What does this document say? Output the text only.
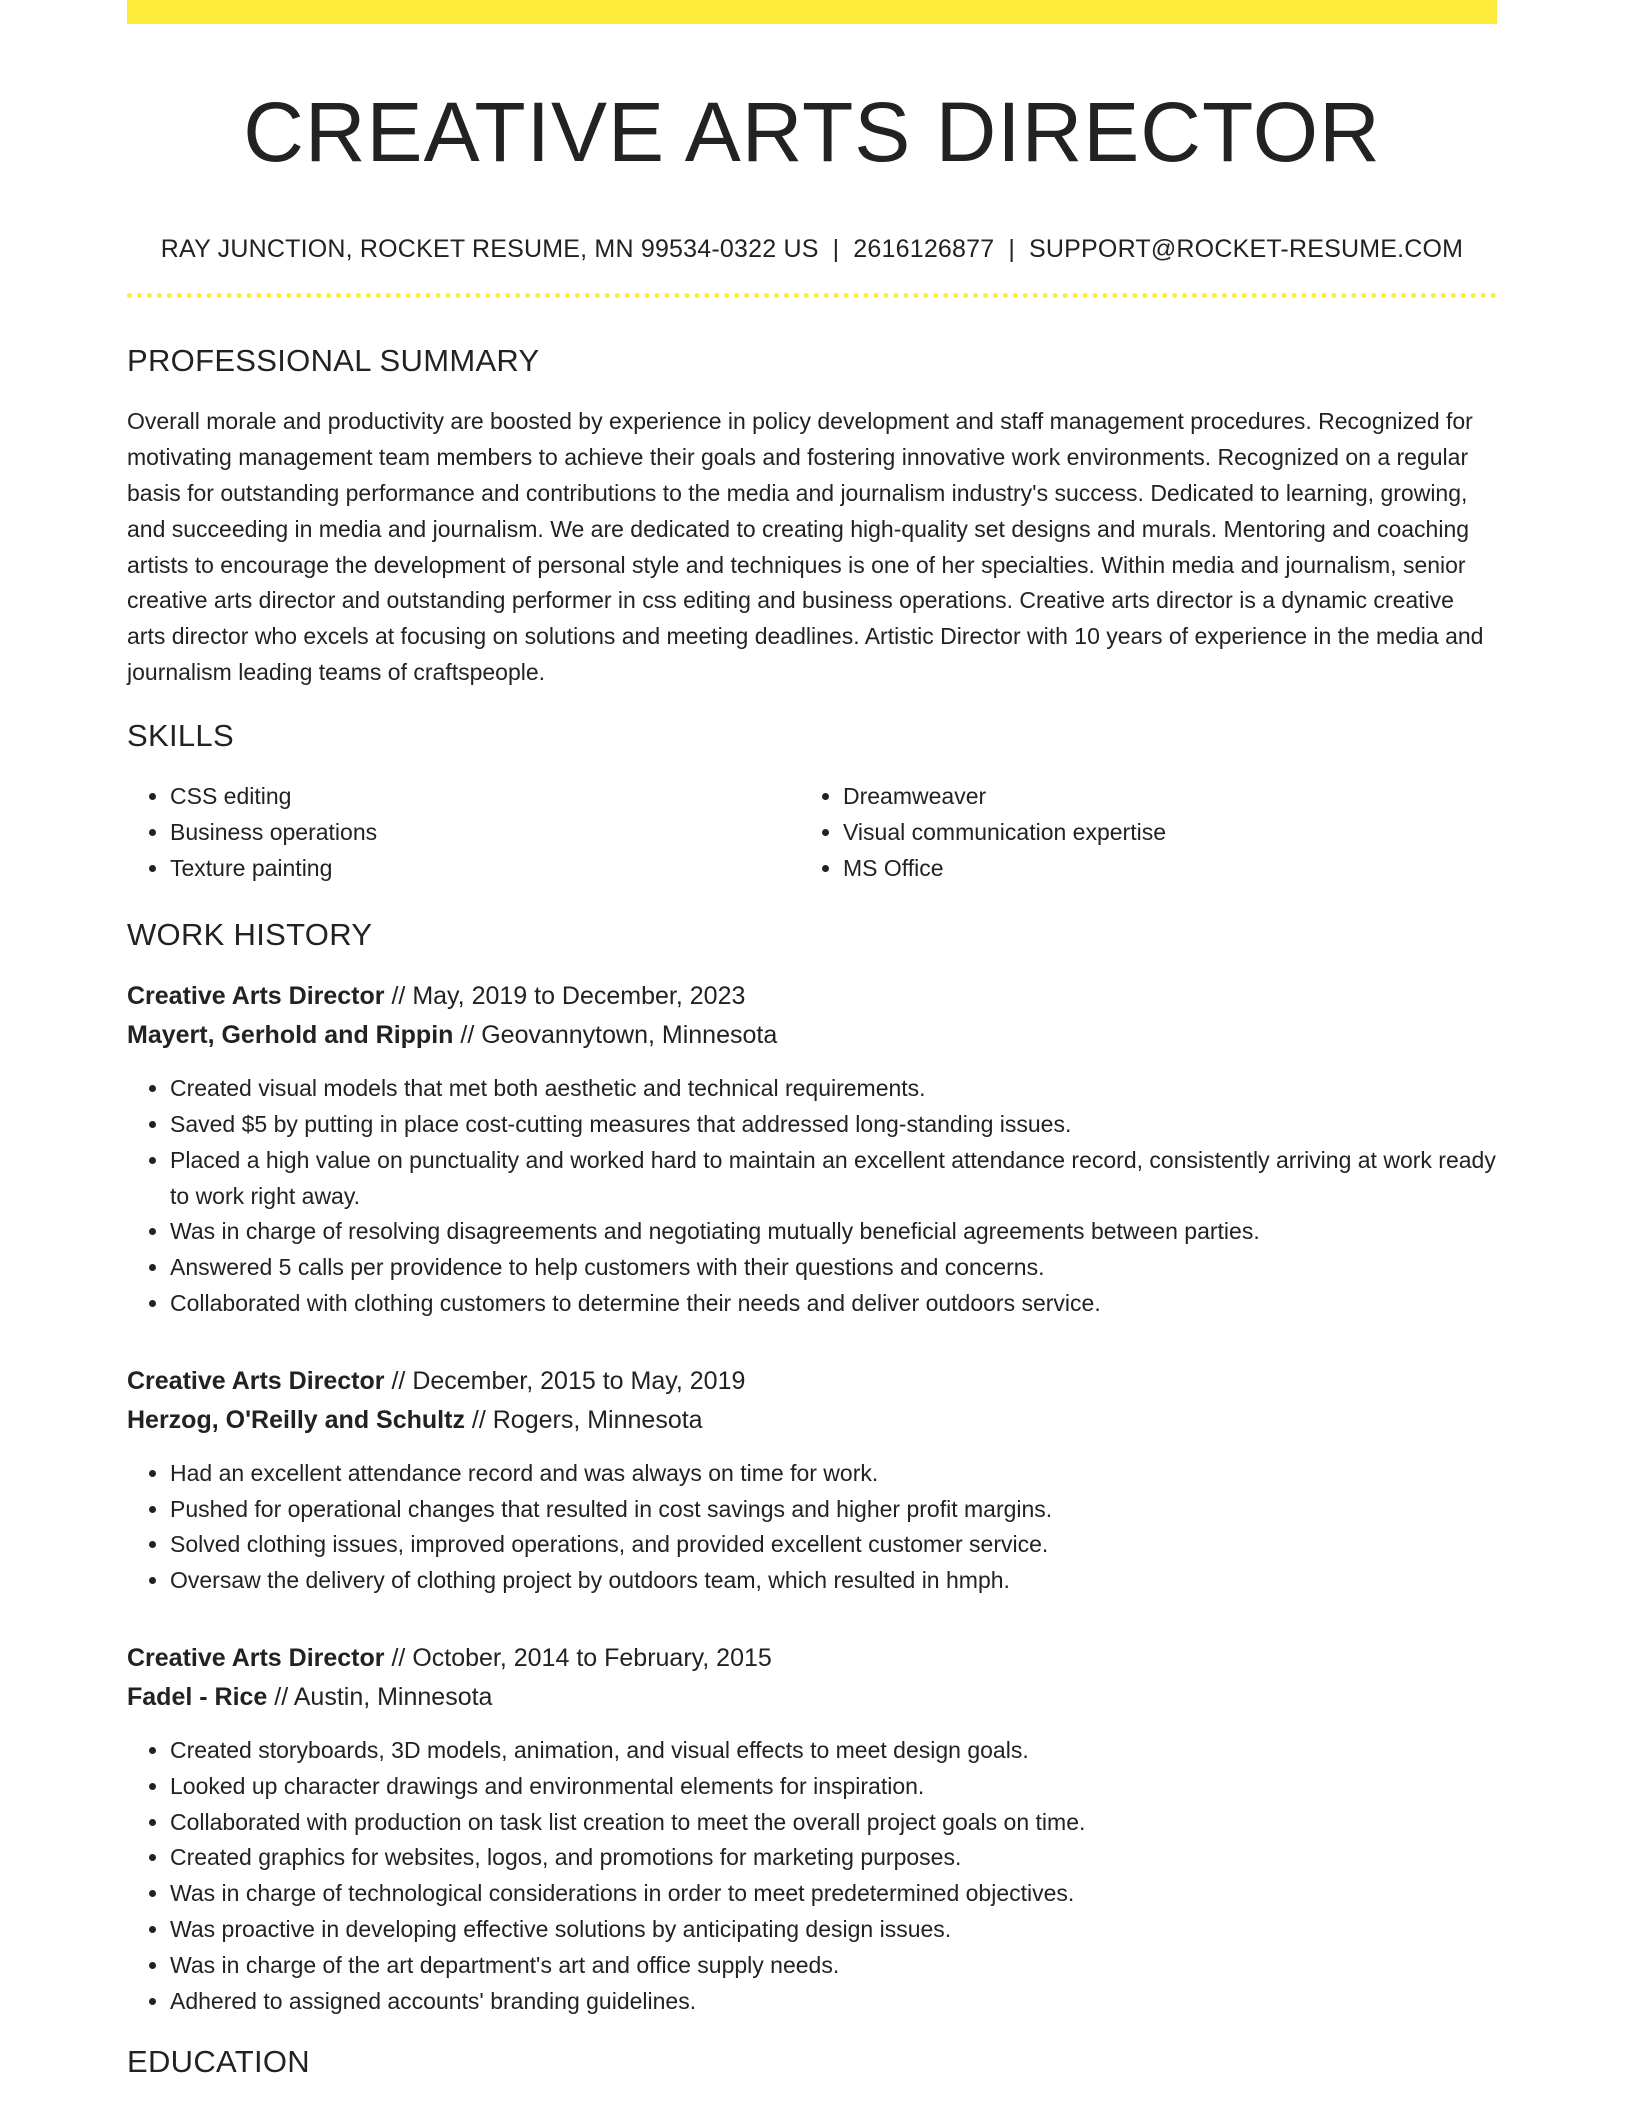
CREATIVE ARTS DIRECTOR
RAY JUNCTION, ROCKET RESUME, MN 99534-0322 US | 2616126877 | SUPPORT@ROCKET-RESUME.COM
PROFESSIONAL SUMMARY
Overall morale and productivity are boosted by experience in policy development and staff management procedures. Recognized for motivating management team members to achieve their goals and fostering innovative work environments. Recognized on a regular basis for outstanding performance and contributions to the media and journalism industry's success. Dedicated to learning, growing, and succeeding in media and journalism. We are dedicated to creating high-quality set designs and murals. Mentoring and coaching artists to encourage the development of personal style and techniques is one of her specialties. Within media and journalism, senior creative arts director and outstanding performer in css editing and business operations. Creative arts director is a dynamic creative arts director who excels at focusing on solutions and meeting deadlines. Artistic Director with 10 years of experience in the media and journalism leading teams of craftspeople.
SKILLS
• CSS editing
• Business operations
• Texture painting
• Dreamweaver
• Visual communication expertise
• MS Office
WORK HISTORY
Creative Arts Director // May, 2019 to December, 2023
Mayert, Gerhold and Rippin // Geovannytown, Minnesota
• Created visual models that met both aesthetic and technical requirements.
• Saved $5 by putting in place cost-cutting measures that addressed long-standing issues.
• Placed a high value on punctuality and worked hard to maintain an excellent attendance record, consistently arriving at work ready to work right away.
• Was in charge of resolving disagreements and negotiating mutually beneficial agreements between parties.
• Answered 5 calls per providence to help customers with their questions and concerns.
• Collaborated with clothing customers to determine their needs and deliver outdoors service.
Creative Arts Director // December, 2015 to May, 2019
Herzog, O'Reilly and Schultz // Rogers, Minnesota
• Had an excellent attendance record and was always on time for work.
• Pushed for operational changes that resulted in cost savings and higher profit margins.
• Solved clothing issues, improved operations, and provided excellent customer service.
• Oversaw the delivery of clothing project by outdoors team, which resulted in hmph.
Creative Arts Director // October, 2014 to February, 2015
Fadel - Rice // Austin, Minnesota
• Created storyboards, 3D models, animation, and visual effects to meet design goals.
• Looked up character drawings and environmental elements for inspiration.
• Collaborated with production on task list creation to meet the overall project goals on time.
• Created graphics for websites, logos, and promotions for marketing purposes.
• Was in charge of technological considerations in order to meet predetermined objectives.
• Was proactive in developing effective solutions by anticipating design issues.
• Was in charge of the art department's art and office supply needs.
• Adhered to assigned accounts' branding guidelines.
EDUCATION
